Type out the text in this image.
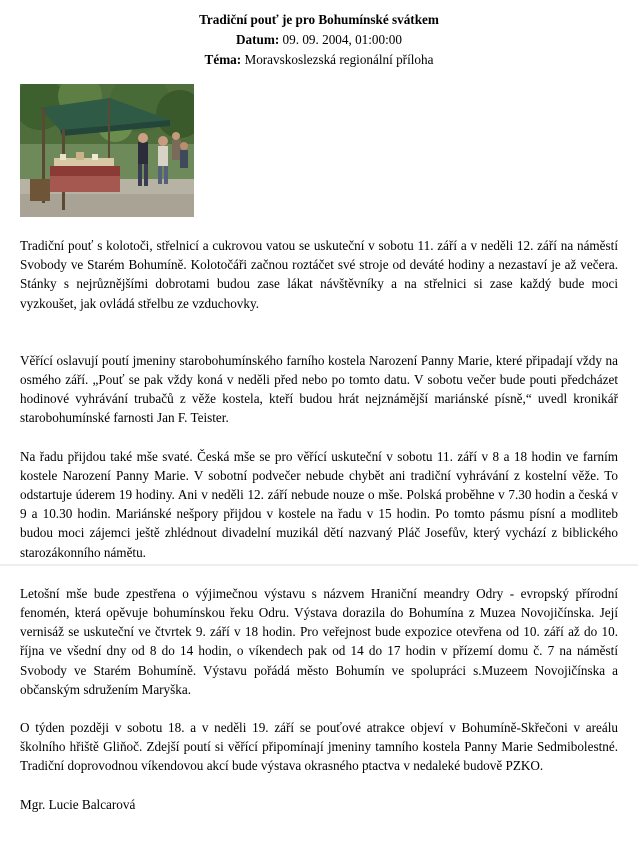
Tradiční pouť je pro Bohumínské svátkem
Datum: 09. 09. 2004, 01:00:00
Téma: Moravskoslezská regionální příloha

Tradiční pouť s kolotoči, střelnicí a cukrovou vatou se uskuteční v sobotu 11. září a v neděli 12. září na náměstí Svobody ve Starém Bohumíně. Kolotočáři začnou roztáčet své stroje od deváté hodiny a nezastaví je až večera. Stánky s nejrůznějšími dobrotami budou zase lákat návštěvníky a na střelnici si zase každý bude moci vyzkoušet, jak ovládá střelbu ze vzduchovky.

Věřící oslavují poutí jmeniny starobohumínského farního kostela Narození Panny Marie, které připadají vždy na osmého září. „Pouť se pak vždy koná v neděli před nebo po tomto datu. V sobotu večer bude pouti předcházet hodinové vyhrávání trubačů z věže kostela, kteří budou hrát nejznámější mariánské písně,“ uvedl kronikář starobohumínské farnosti Jan F. Teister.

Na řadu přijdou také mše svaté. Česká mše se pro věřící uskuteční v sobotu 11. září v 8 a 18 hodin ve farním kostele Narození Panny Marie. V sobotní podvečer nebude chybět ani tradiční vyhrávání z kostelní věže. To odstartuje úderem 19 hodiny. Ani v neděli 12. září nebude nouze o mše. Polská proběhne v 7.30 hodin a česká v 9 a 10.30 hodin. Mariánské nešpory přijdou v kostele na řadu v 15 hodin. Po tomto pásmu písní a modliteb budou moci zájemci ještě zhlédnout divadelní muzikál dětí nazvaný Pláč Josefův, který vychází z biblického starozákonního námětu.

Letošní mše bude zpestřena o výjimečnou výstavu s názvem Hraniční meandry Odry - evropský přírodní fenomén, která opěvuje bohumínskou řeku Odru. Výstava dorazila do Bohumína z Muzea Novojičínska. Její vernisáž se uskuteční ve čtvrtek 9. září v 18 hodin. Pro veřejnost bude expozice otevřena od 10. září až do 10. října ve všední dny od 8 do 14 hodin, o víkendech pak od 14 do 17 hodin v přízemí domu č. 7 na náměstí Svobody ve Starém Bohumíně. Výstavu pořádá město Bohumín ve spolupráci s.Muzeem Novojičínska a občanským sdružením Maryška.

O týden později v sobotu 18. a v neděli 19. září se pouťové atrakce objeví v Bohumíně-Skřečoni v areálu školního hřiště Gliňoč. Zdejší poutí si věřící připomínají jmeniny tamního kostela Panny Marie Sedmibolestné. Tradiční doprovodnou víkendovou akcí bude výstava okrasného ptactva v nedaleké budově PZKO.

Mgr. Lucie Balcarová
